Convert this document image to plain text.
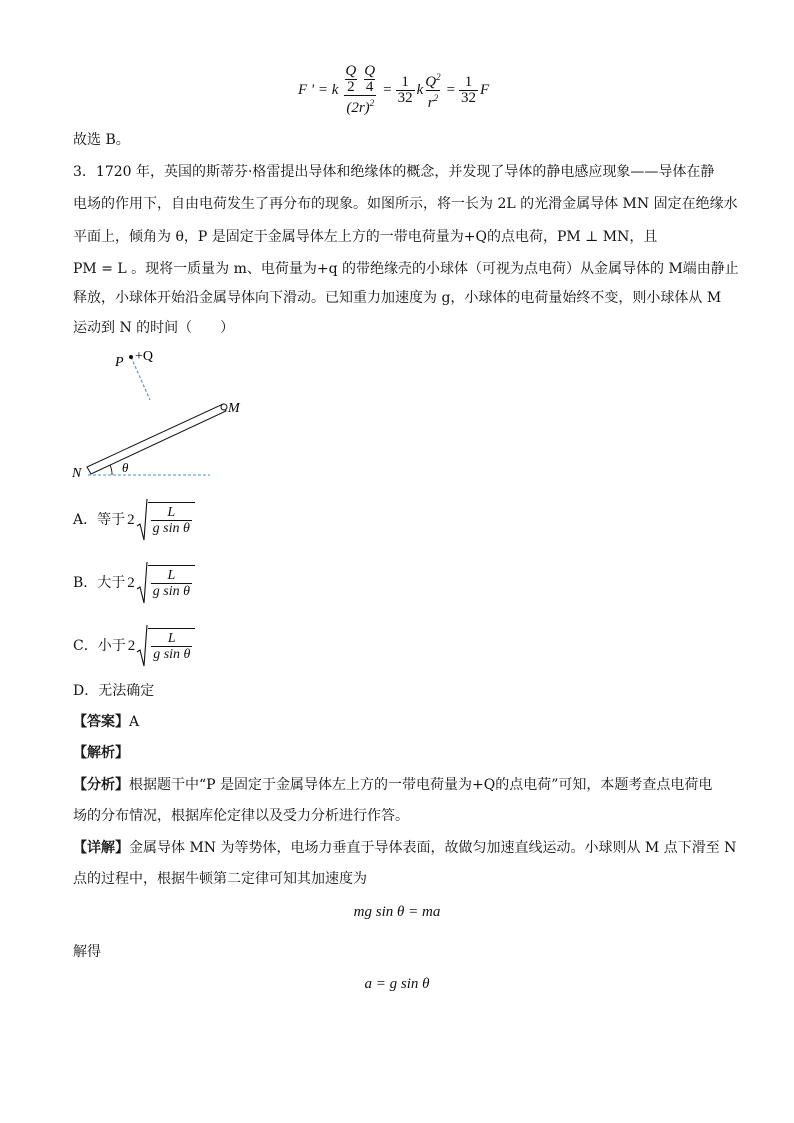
F ' = k $\frac{\frac{Q}{2} \frac{Q}{4}}{(2r)^2} = \frac{1}{32}$ k $\frac{Q^2}{r^2} = \frac{1}{32}$ F
故选 B。
3．1720 年，英国的斯蒂芬·格雷提出导体和绝缘体的概念，并发现了导体的静电感应现象——导体在静
电场的作用下，自由电荷发生了再分布的现象。如图所示，将一长为 2L 的光滑金属导体 MN 固定在绝缘水
平面上，倾角为 θ，P 是固定于金属导体左上方的一带电荷量为+Q的点电荷，PM ⊥ MN，且
PM = L 。现将一质量为 m、电荷量为+q 的带绝缘壳的小球体（可视为点电荷）从金属导体的 M端由静止
释放，小球体开始沿金属导体向下滑动。已知重力加速度为 g，小球体的电荷量始终不变，则小球体从 M
运动到 N 的时间（　　）
P +Q
M
N	θ
A．等于 $2 \frac{L}{\text{g sin θ}}$
B．大于 $2 \frac{L}{\text{g sin θ}}$
C．小于 $2 \frac{L}{\text{g sin θ}}$
D．无法确定
【答案】A
【解析】
【分析】根据题干中“P 是固定于金属导体左上方的一带电荷量为+Q的点电荷”可知，本题考查点电荷电
场的分布情况，根据库伦定律以及受力分析进行作答。
【详解】金属导体 MN 为等势体，电场力垂直于导体表面，故做匀加速直线运动。小球则从 M 点下滑至 N
点的过程中，根据牛顿第二定律可知其加速度为
mg sin θ = ma
解得
a = g sin θ
